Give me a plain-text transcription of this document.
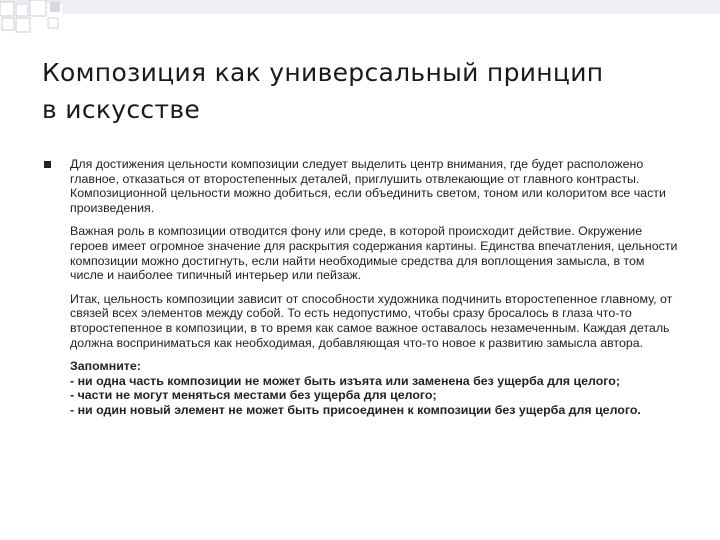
Композиция как универсальный принцип
в искусстве

Для достижения цельности композиции следует выделить центр внимания, где будет расположено главное, отказаться от второстепенных деталей, приглушить отвлекающие от главного контрасты. Композиционной цельности можно добиться, если объединить светом, тоном или колоритом все части произведения.

Важная роль в композиции отводится фону или среде, в которой происходит действие. Окружение героев имеет огромное значение для раскрытия содержания картины. Единства впечатления, цельности композиции можно достигнуть, если найти необходимые средства для воплощения замысла, в том числе и наиболее типичный интерьер или пейзаж.

Итак, цельность композиции зависит от способности художника подчинить второстепенное главному, от связей всех элементов между собой. То есть недопустимо, чтобы сразу бросалось в глаза что-то второстепенное в композиции, в то время как самое важное оставалось незамеченным. Каждая деталь должна восприниматься как необходимая, добавляющая что-то новое к развитию замысла автора.

Запомните:
- ни одна часть композиции не может быть изъята или заменена без ущерба для целого;
- части не могут меняться местами без ущерба для целого;
- ни один новый элемент не может быть присоединен к композиции без ущерба для целого.
